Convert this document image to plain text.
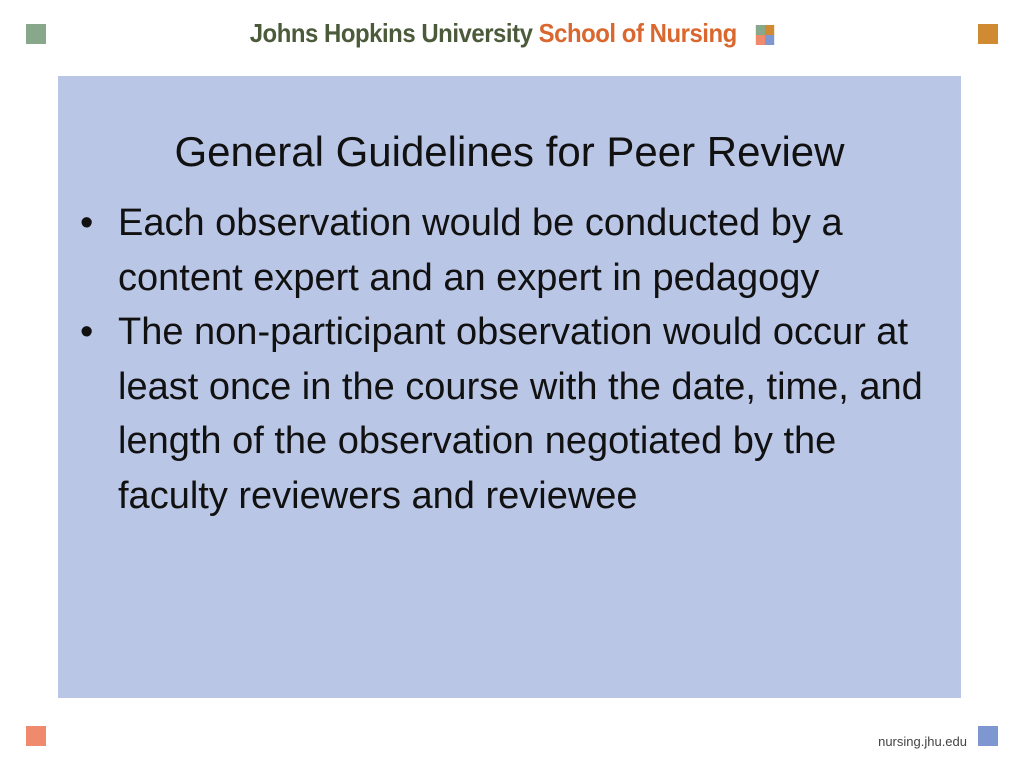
Johns Hopkins University School of Nursing
General Guidelines for Peer Review
• Each observation would be conducted by a content expert and an expert in pedagogy
• The non-participant observation would occur at least once in the course with the date, time, and length of the observation negotiated by the faculty reviewers and reviewee
nursing.jhu.edu
